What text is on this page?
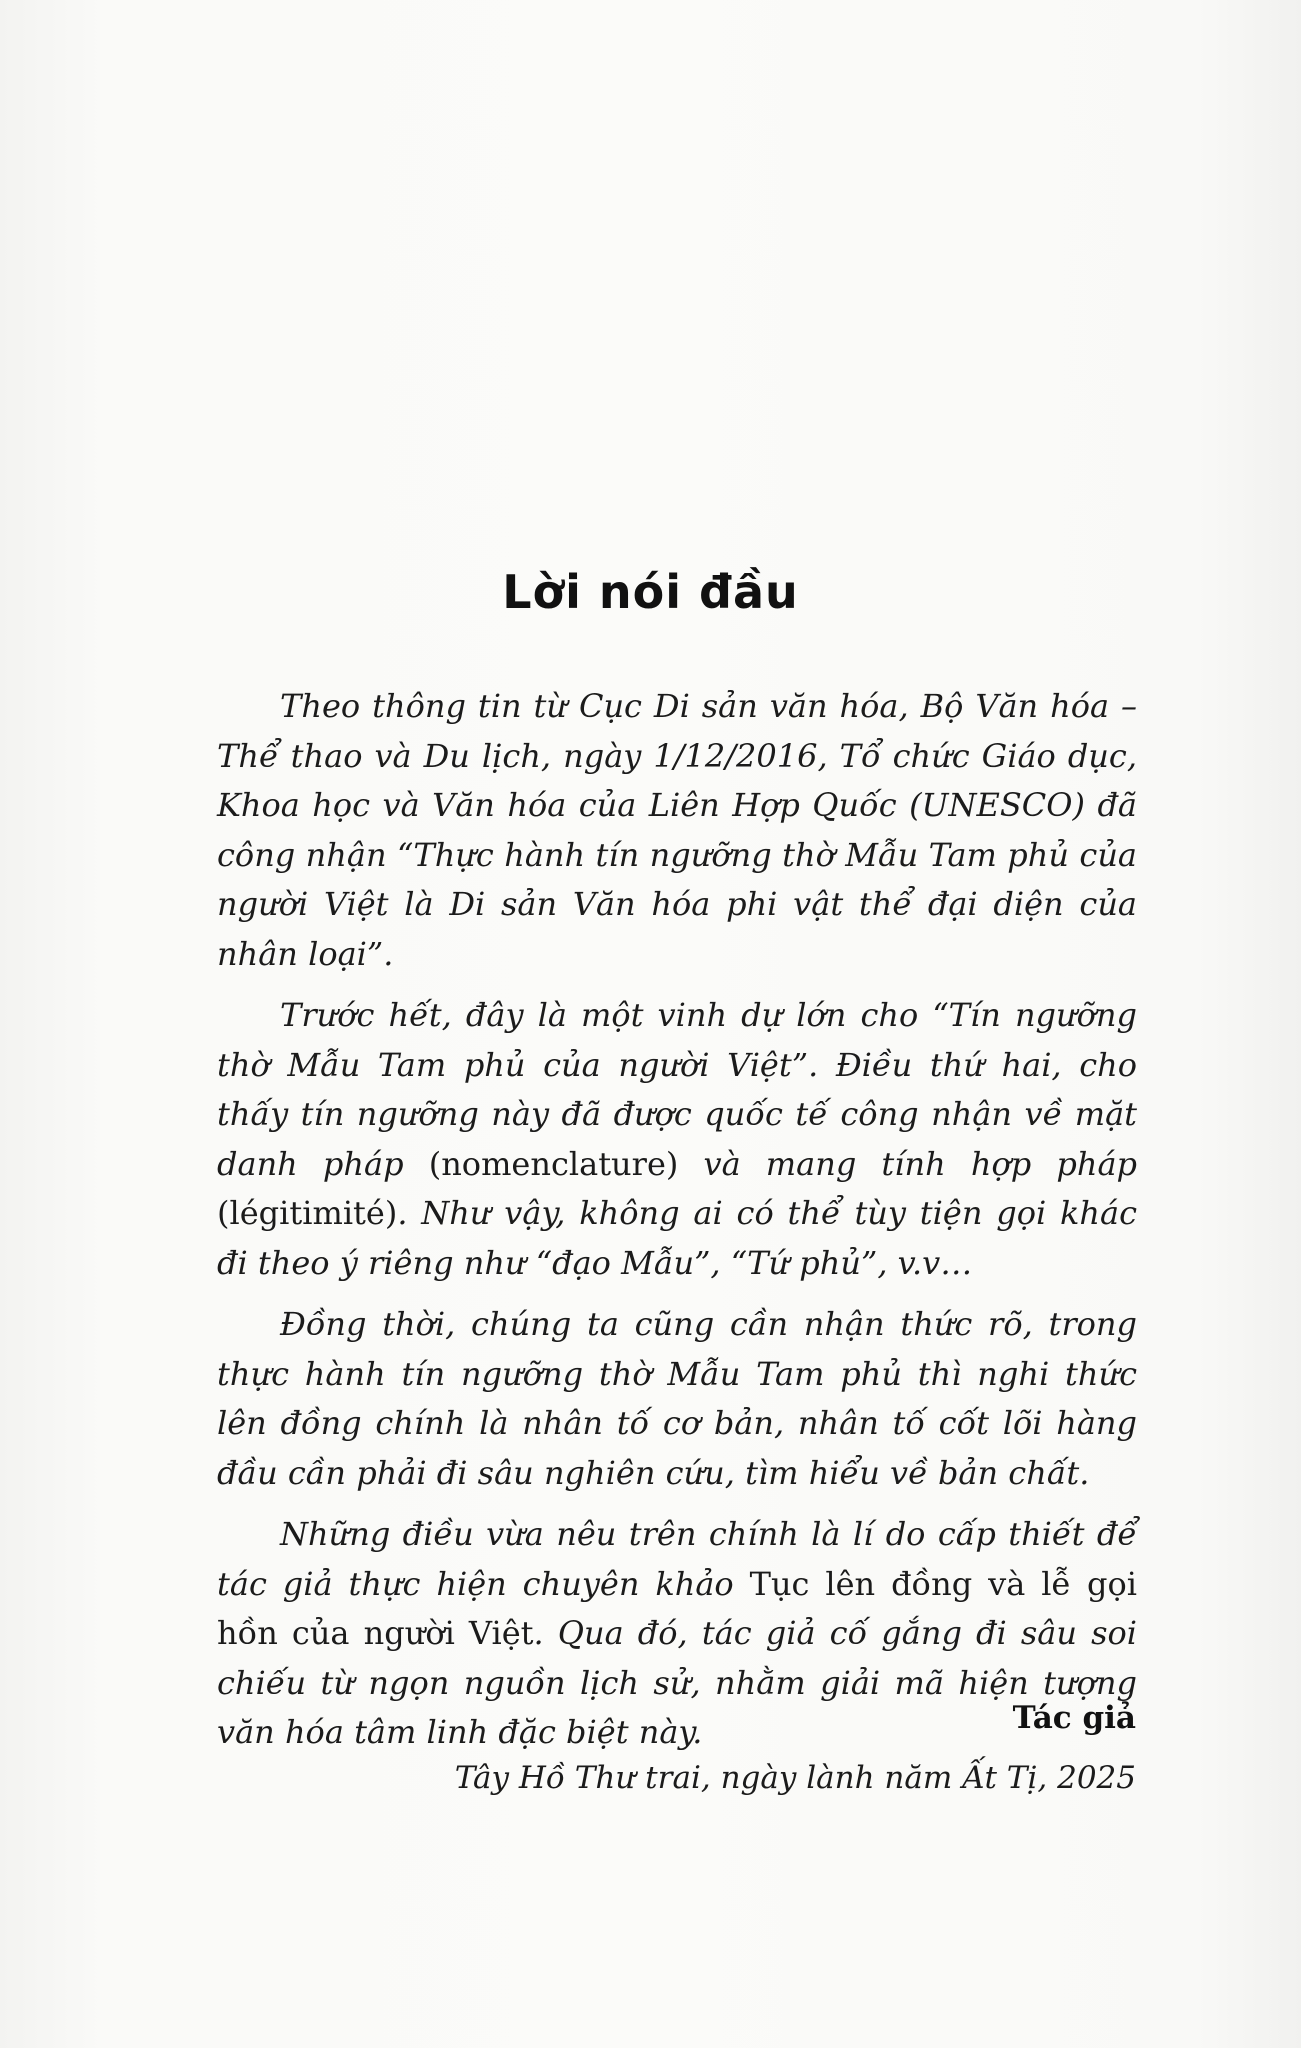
Lời nói đầu

Theo thông tin từ Cục Di sản văn hóa, Bộ Văn hóa – Thể thao và Du lịch, ngày 1/12/2016, Tổ chức Giáo dục, Khoa học và Văn hóa của Liên Hợp Quốc (UNESCO) đã công nhận “Thực hành tín ngưỡng thờ Mẫu Tam phủ của người Việt là Di sản Văn hóa phi vật thể đại diện của nhân loại”.

Trước hết, đây là một vinh dự lớn cho “Tín ngưỡng thờ Mẫu Tam phủ của người Việt”. Điều thứ hai, cho thấy tín ngưỡng này đã được quốc tế công nhận về mặt danh pháp (nomenclature) và mang tính hợp pháp (légitimité). Như vậy, không ai có thể tùy tiện gọi khác đi theo ý riêng như “đạo Mẫu”, “Tứ phủ”, v.v…

Đồng thời, chúng ta cũng cần nhận thức rõ, trong thực hành tín ngưỡng thờ Mẫu Tam phủ thì nghi thức lên đồng chính là nhân tố cơ bản, nhân tố cốt lõi hàng đầu cần phải đi sâu nghiên cứu, tìm hiểu về bản chất.

Những điều vừa nêu trên chính là lí do cấp thiết để tác giả thực hiện chuyên khảo Tục lên đồng và lễ gọi hồn của người Việt. Qua đó, tác giả cố gắng đi sâu soi chiếu từ ngọn nguồn lịch sử, nhằm giải mã hiện tượng văn hóa tâm linh đặc biệt này.	Tác giả
Tây Hồ Thư trai, ngày lành năm Ất Tị, 2025
